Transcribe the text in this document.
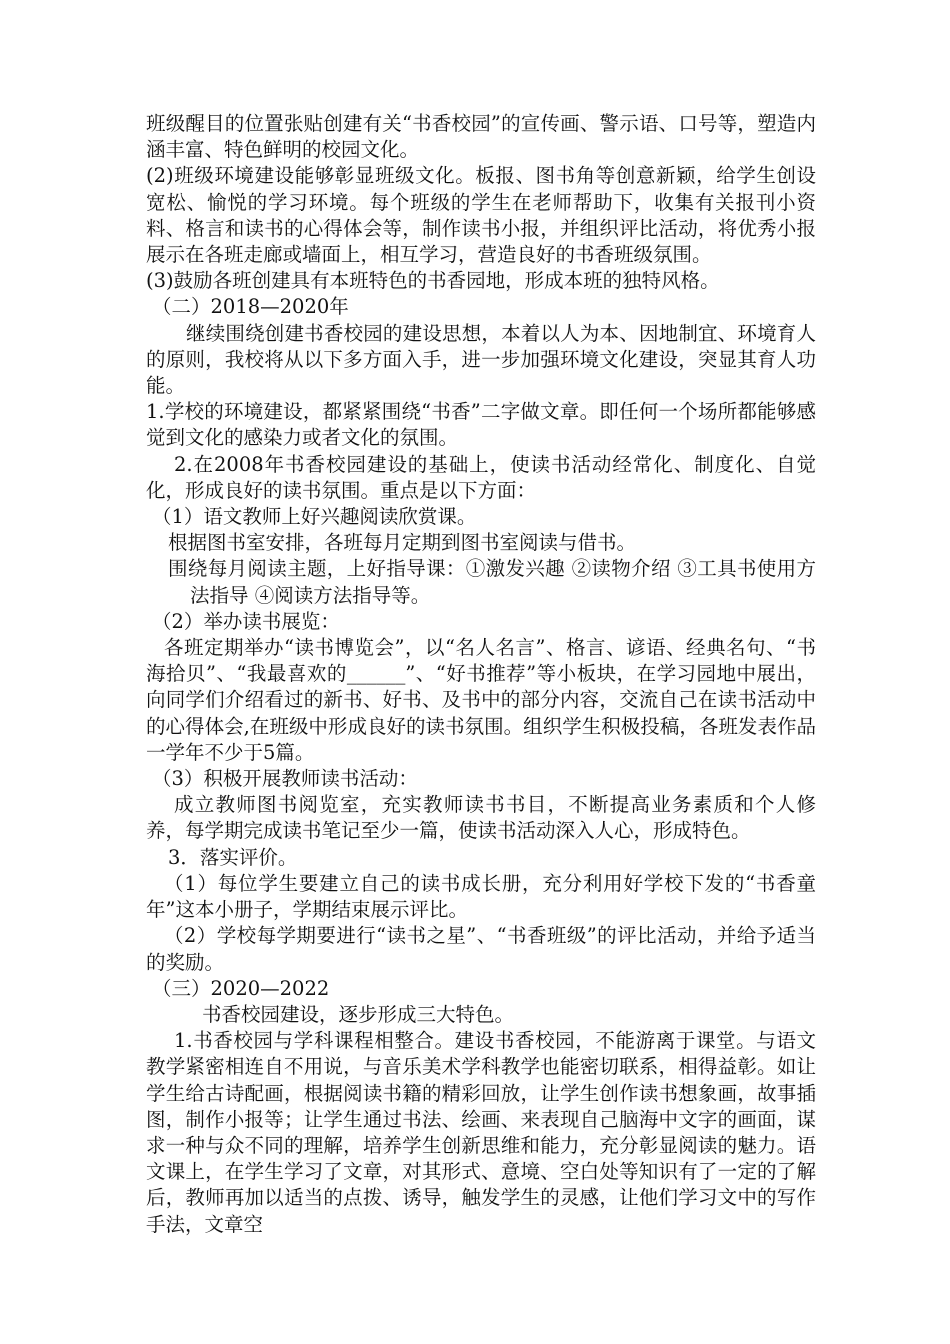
班级醒目的位置张贴创建有关“书香校园”的宣传画、警示语、口号等，塑造内涵丰富、特色鲜明的校园文化。

(2)班级环境建设能够彰显班级文化。板报、图书角等创意新颖，给学生创设宽松、愉悦的学习环境。每个班级的学生在老师帮助下，收集有关报刊小资料、格言和读书的心得体会等，制作读书小报，并组织评比活动，将优秀小报展示在各班走廊或墙面上，相互学习，营造良好的书香班级氛围。

(3)鼓励各班创建具有本班特色的书香园地，形成本班的独特风格。

（二）2018—2020年

继续围绕创建书香校园的建设思想，本着以人为本、因地制宜、环境育人的原则，我校将从以下多方面入手，进一步加强环境文化建设，突显其育人功能。

1.学校的环境建设，都紧紧围绕“书香”二字做文章。即任何一个场所都能够感觉到文化的感染力或者文化的氛围。

2.在2008年书香校园建设的基础上，使读书活动经常化、制度化、自觉化，形成良好的读书氛围。重点是以下方面：

（1）语文教师上好兴趣阅读欣赏课。

根据图书室安排，各班每月定期到图书室阅读与借书。

围绕每月阅读主题，上好指导课：①激发兴趣 ②读物介绍 ③工具书使用方法指导 ④阅读方法指导等。

（2）举办读书展览：

各班定期举办“读书博览会”，以“名人名言”、格言、谚语、经典名句、“书海拾贝”、“我最喜欢的______”、“好书推荐”等小板块，在学习园地中展出，向同学们介绍看过的新书、好书、及书中的部分内容，交流自己在读书活动中的心得体会,在班级中形成良好的读书氛围。组织学生积极投稿，各班发表作品一学年不少于5篇。

（3）积极开展教师读书活动：

成立教师图书阅览室，充实教师读书书目，不断提高业务素质和个人修养，每学期完成读书笔记至少一篇，使读书活动深入人心，形成特色。

3．落实评价。

（1）每位学生要建立自己的读书成长册，充分利用好学校下发的“书香童年”这本小册子，学期结束展示评比。

（2）学校每学期要进行“读书之星”、“书香班级”的评比活动，并给予适当的奖励。

（三）2020—2022

书香校园建设，逐步形成三大特色。

1.书香校园与学科课程相整合。建设书香校园，不能游离于课堂。与语文教学紧密相连自不用说，与音乐美术学科教学也能密切联系，相得益彰。如让学生给古诗配画，根据阅读书籍的精彩回放，让学生创作读书想象画，故事插图，制作小报等；让学生通过书法、绘画、来表现自己脑海中文字的画面，谋求一种与众不同的理解，培养学生创新思维和能力，充分彰显阅读的魅力。语文课上，在学生学习了文章，对其形式、意境、空白处等知识有了一定的了解后，教师再加以适当的点拨、诱导，触发学生的灵感，让他们学习文中的写作手法，文章空
